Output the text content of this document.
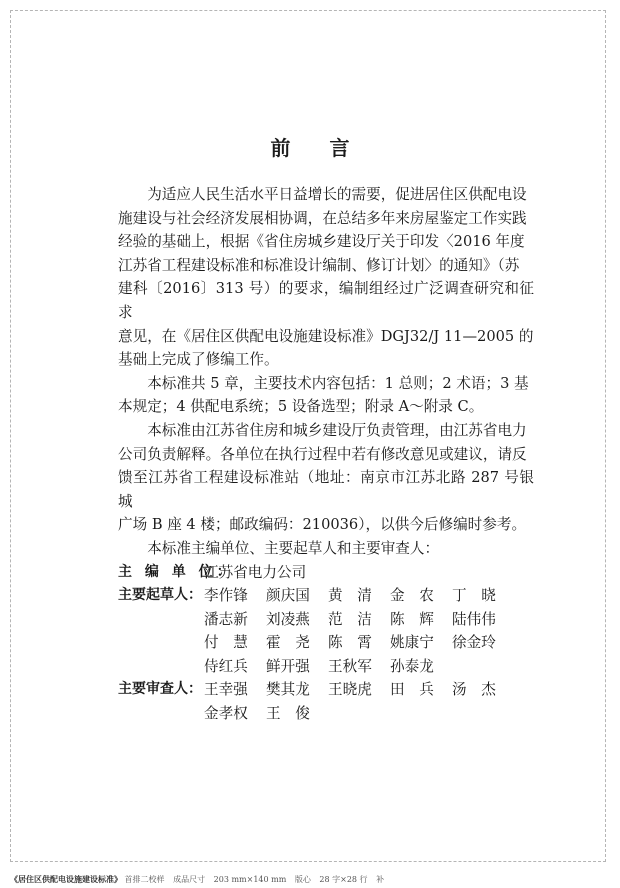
前 言

为适应人民生活水平日益增长的需要，促进居住区供配电设
施建设与社会经济发展相协调，在总结多年来房屋鉴定工作实践
经验的基础上，根据《省住房城乡建设厅关于印发〈2016 年度
江苏省工程建设标准和标准设计编制、修订计划〉的通知》（苏
建科〔2016〕313 号）的要求，编制组经过广泛调查研究和征求
意见，在《居住区供配电设施建设标准》DGJ32/J 11—2005 的
基础上完成了修编工作。

本标准共 5 章，主要技术内容包括：1 总则；2 术语；3 基
本规定；4 供配电系统；5 设备选型；附录 A～附录 C。

本标准由江苏省住房和城乡建设厅负责管理，由江苏省电力
公司负责解释。各单位在执行过程中若有修改意见或建议，请反
馈至江苏省工程建设标准站（地址：南京市江苏北路 287 号银城
广场 B 座 4 楼；邮政编码：210036），以供今后修编时参考。

本标准主编单位、主要起草人和主要审查人：

主 编 单 位：
江苏省电力公司
主要起草人： 李作锋	颜庆国	黄　清	金　农	丁　晓
潘志新	刘凌燕	范　洁	陈　辉	陆伟伟
付　慧	霍　尧	陈　霄	姚康宁	徐金玲
侍红兵	鲜开强	王秋军	孙泰龙
主要审查人： 王幸强	樊其龙	王晓虎	田　兵	汤　杰
金孝权	王　俊
《居住区供配电设施建设标准》 首排二校样 成品尺寸 203 mm×140 mm 版心 28 字×28 行 补
